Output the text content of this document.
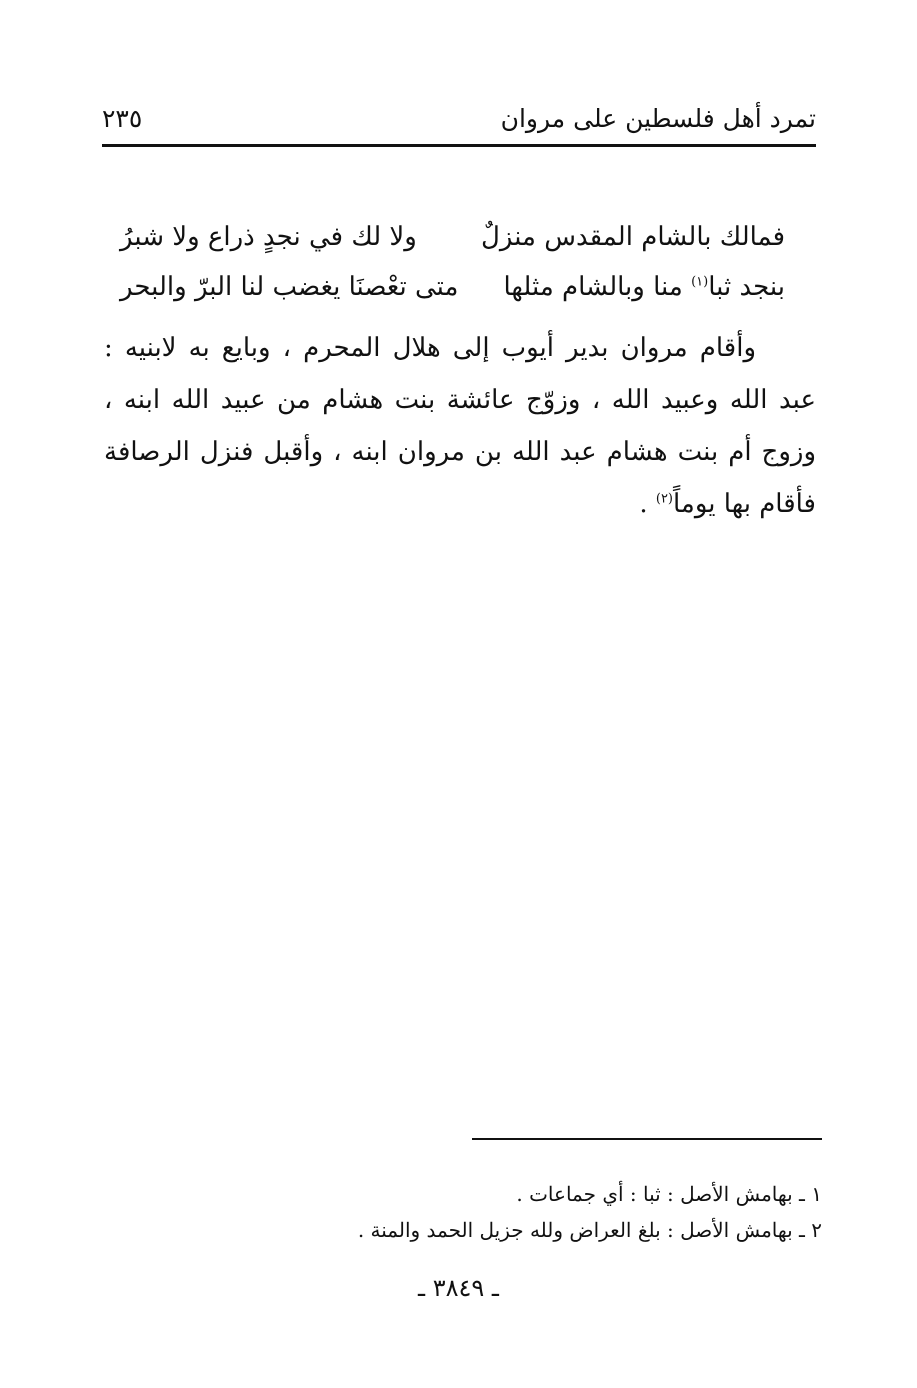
تمرد أهل فلسطين على مروان
٢٣٥
فمالك بالشام المقدس منزلٌ
ولا لك في نجدٍ ذراع ولا شبرُ
بنجد ثبا$^{(١)}$ منا وبالشام مثلها
متى تعْصنَا يغضب لنا البرّ والبحر

وأقام مروان بدير أيوب إلى هلال المحرم ، وبايع به لابنيه : عبد الله وعبيد الله ، وزوّج عائشة بنت هشام من عبيد الله ابنه ، وزوج أم بنت هشام عبد الله بن مروان ابنه ، وأقبل فنزل الرصافة فأقام بها يوماً$^{(٢)}$ .

١ ـ بهامش الأصل : ثبا : أي جماعات .
٢ ـ بهامش الأصل : بلغ العراض ولله جزيل الحمد والمنة .
ـ ٣٨٤٩ ـ
